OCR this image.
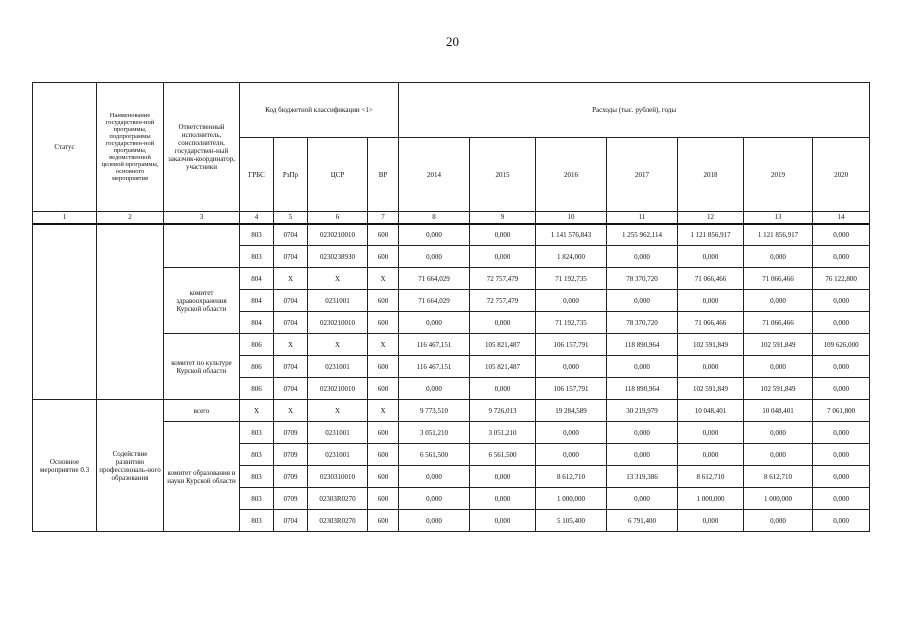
20
Статус	Наименование государствен-ной программы, подпрограммы государствен-ной программы, ведомственной целевой программы, основного мероприятия	Ответственный исполнитель, соисполнители, государствен-ный заказчик-координатор, участники	Код бюджетной классификации <1>				Расходы (тыс. рублей), годы						
			ГРБС	РзПр	ЦСР	ВР	2014	2015	2016	2017	2018	2019	2020
1	2	3	4	5	6	7	8	9	10	11	12	13	14
			803	0704	0230210010	600	0,000	0,000	1 141 576,843	1 255 962,114	1 121 856,917	1 121 856,917	0,000
			803	0704	0230238930	600	0,000	0,000	1 824,000	0,000	0,000	0,000	0,000
		комитет здравоохранения Курской области	804	Х	Х	Х	71 664,029	72 757,479	71 192,735	78 370,720	71 066,466	71 066,466	76 122,800
			804	0704	0231001	600	71 664,029	72 757,479	0,000	0,000	0,000	0,000	0,000
			804	0704	0230210010	600	0,000	0,000	71 192,735	78 370,720	71 066,466	71 066,466	0,000
		комитет по культуре Курской области	806	Х	Х	Х	116 467,151	105 821,487	106 157,791	118 890,964	102 591,849	102 591,849	109 626,000
			806	0704	0231001	600	116 467,151	105 821,487	0,000	0,000	0,000	0,000	0,000
			806	0704	0230210010	600	0,000	0,000	106 157,791	118 890,964	102 591,849	102 591,849	0,000
Основное мероприятие 0.3	Содействие развитию профессиональ-ного образования	всего	Х	Х	Х	Х	9 773,510	9 726,013	19 284,589	30 219,979	10 048,401	10 048,401	7 061,800
		комитет образования и науки Курской области	803	0709	0231001	600	3 051,210	3 051,210	0,000	0,000	0,000	0,000	0,000
			803	0709	0231001	600	6 561,500	6 561,500	0,000	0,000	0,000	0,000	0,000
			803	0709	0230310010	600	0,000	0,000	8 612,710	13 319,386	8 612,710	8 612,710	0,000
			803	0709	02303R0270	600	0,000	0,000	1 000,000	0,000	1 000,000	1 000,000	0,000
			803	0704	02303R0270	600	0,000	0,000	5 105,400	6 791,400	0,000	0,000	0,000
